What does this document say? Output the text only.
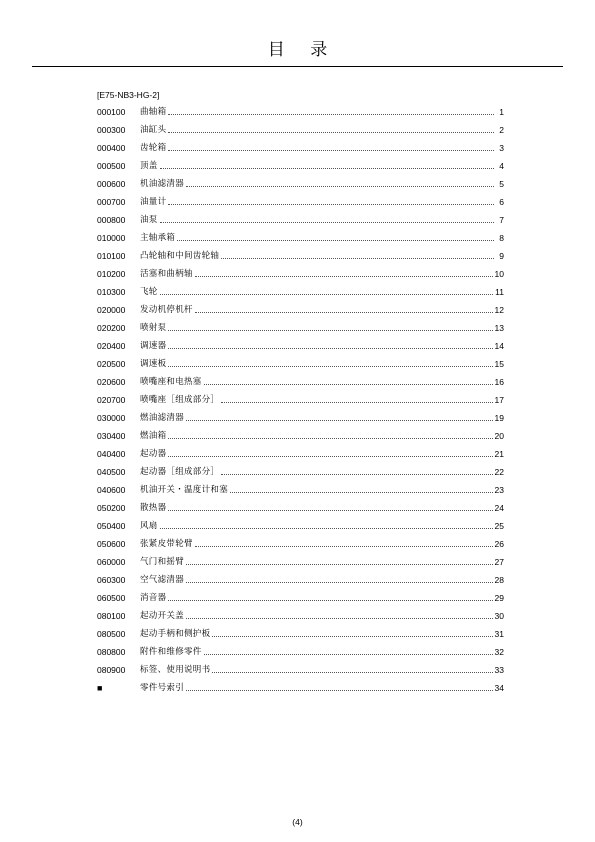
目 录
[E75-NB3-HG-2]
000100	曲轴箱	1
000300	油缸头	2
000400	齿轮箱	3
000500	顶盖	4
000600	机油滤清器	5
000700	油量计	6
000800	油泵	7
010000	主轴承箱	8
010100	凸轮轴和中间齿轮轴	9
010200	活塞和曲柄轴	10
010300	飞轮	11
020000	发动机停机杆	12
020200	喷射泵	13
020400	调速器	14
020500	调速板	15
020600	喷嘴座和电热塞	16
020700	喷嘴座［组成部分］	17
030000	燃油滤清器	19
030400	燃油箱	20
040400	起动器	21
040500	起动器［组成部分］	22
040600	机油开关・温度计和塞	23
050200	散热器	24
050400	风扇	25
050600	张紧皮带轮臂	26
060000	气门和摇臂	27
060300	空气滤清器	28
060500	消音器	29
080100	起动开关盖	30
080500	起动手柄和侧护板	31
080800	附件和维修零件	32
080900	标签、使用说明书	33
■	零件号索引	34
(4)
